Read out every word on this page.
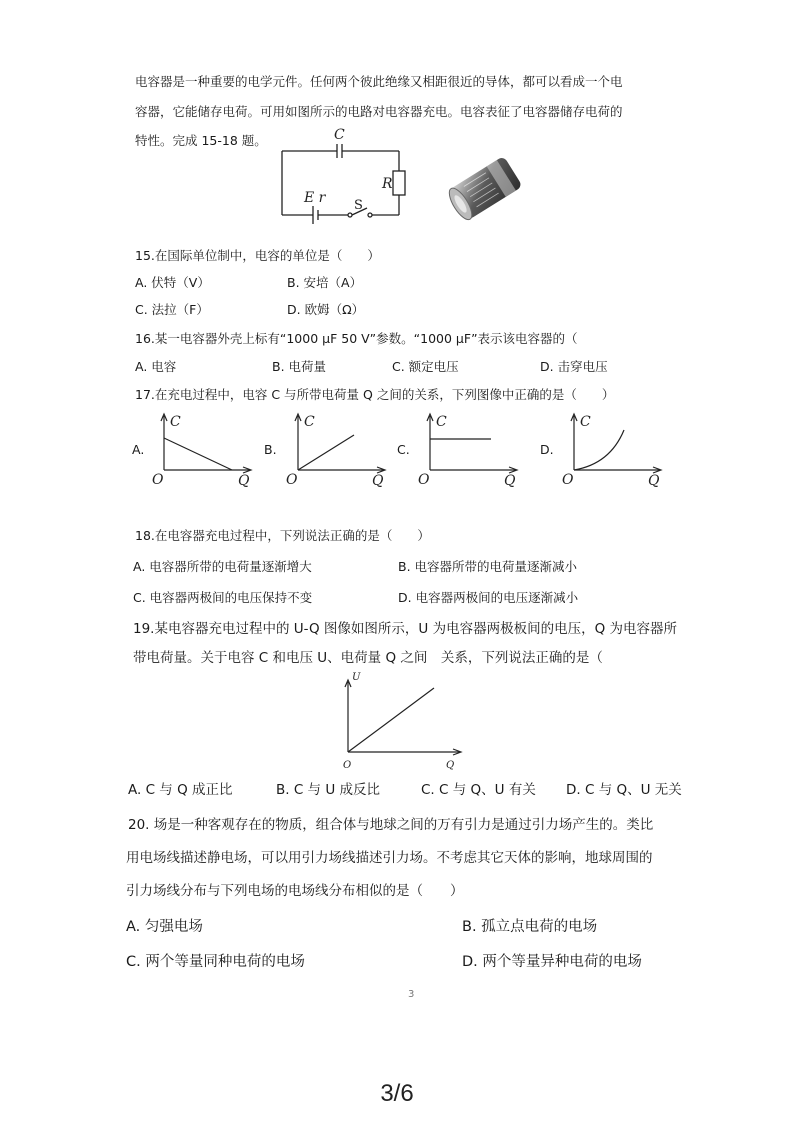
电容器是一种重要的电学元件。任何两个彼此绝缘又相距很近的导体，都可以看成一个电
容器，它能储存电荷。可用如图所示的电路对电容器充电。电容表征了电容器储存电荷的
特性。完成 15-18 题。	C
R
E r S
15.在国际单位制中，电容的单位是（　　）
A. 伏特（V）	B. 安培（A）
C. 法拉（F）	D. 欧姆（Ω）
16.某一电容器外壳上标有“1000 μF 50 V”参数。“1000 μF”表示该电容器的（
A. 电容	B. 电荷量	C. 额定电压	D. 击穿电压
17.在充电过程中，电容 C 与所带电荷量 Q 之间的关系，下列图像中正确的是（　　）
A.
C
Q
O
B.
C
Q
O
C.
C
Q
O
D.
C
Q
O
18.在电容器充电过程中，下列说法正确的是（　　）
A. 电容器所带的电荷量逐渐增大	B. 电容器所带的电荷量逐渐减小
C. 电容器两极间的电压保持不变	D. 电容器两极间的电压逐渐减小
19.某电容器充电过程中的 U-Q 图像如图所示，U 为电容器两极板间的电压，Q 为电容器所
带电荷量。关于电容 C 和电压 U、电荷量 Q 之间　关系，下列说法正确的是（
U
Q
O
A. C 与 Q 成正比	B. C 与 U 成反比	C. C 与 Q、U 有关 D. C 与 Q、U 无关
20. 场是一种客观存在的物质，组合体与地球之间的万有引力是通过引力场产生的。类比
用电场线描述静电场，可以用引力场线描述引力场。不考虑其它天体的影响，地球周围的
引力场线分布与下列电场的电场线分布相似的是（　　）
A. 匀强电场	B. 孤立点电荷的电场
C. 两个等量同种电荷的电场	D. 两个等量异种电荷的电场
3
3/6
